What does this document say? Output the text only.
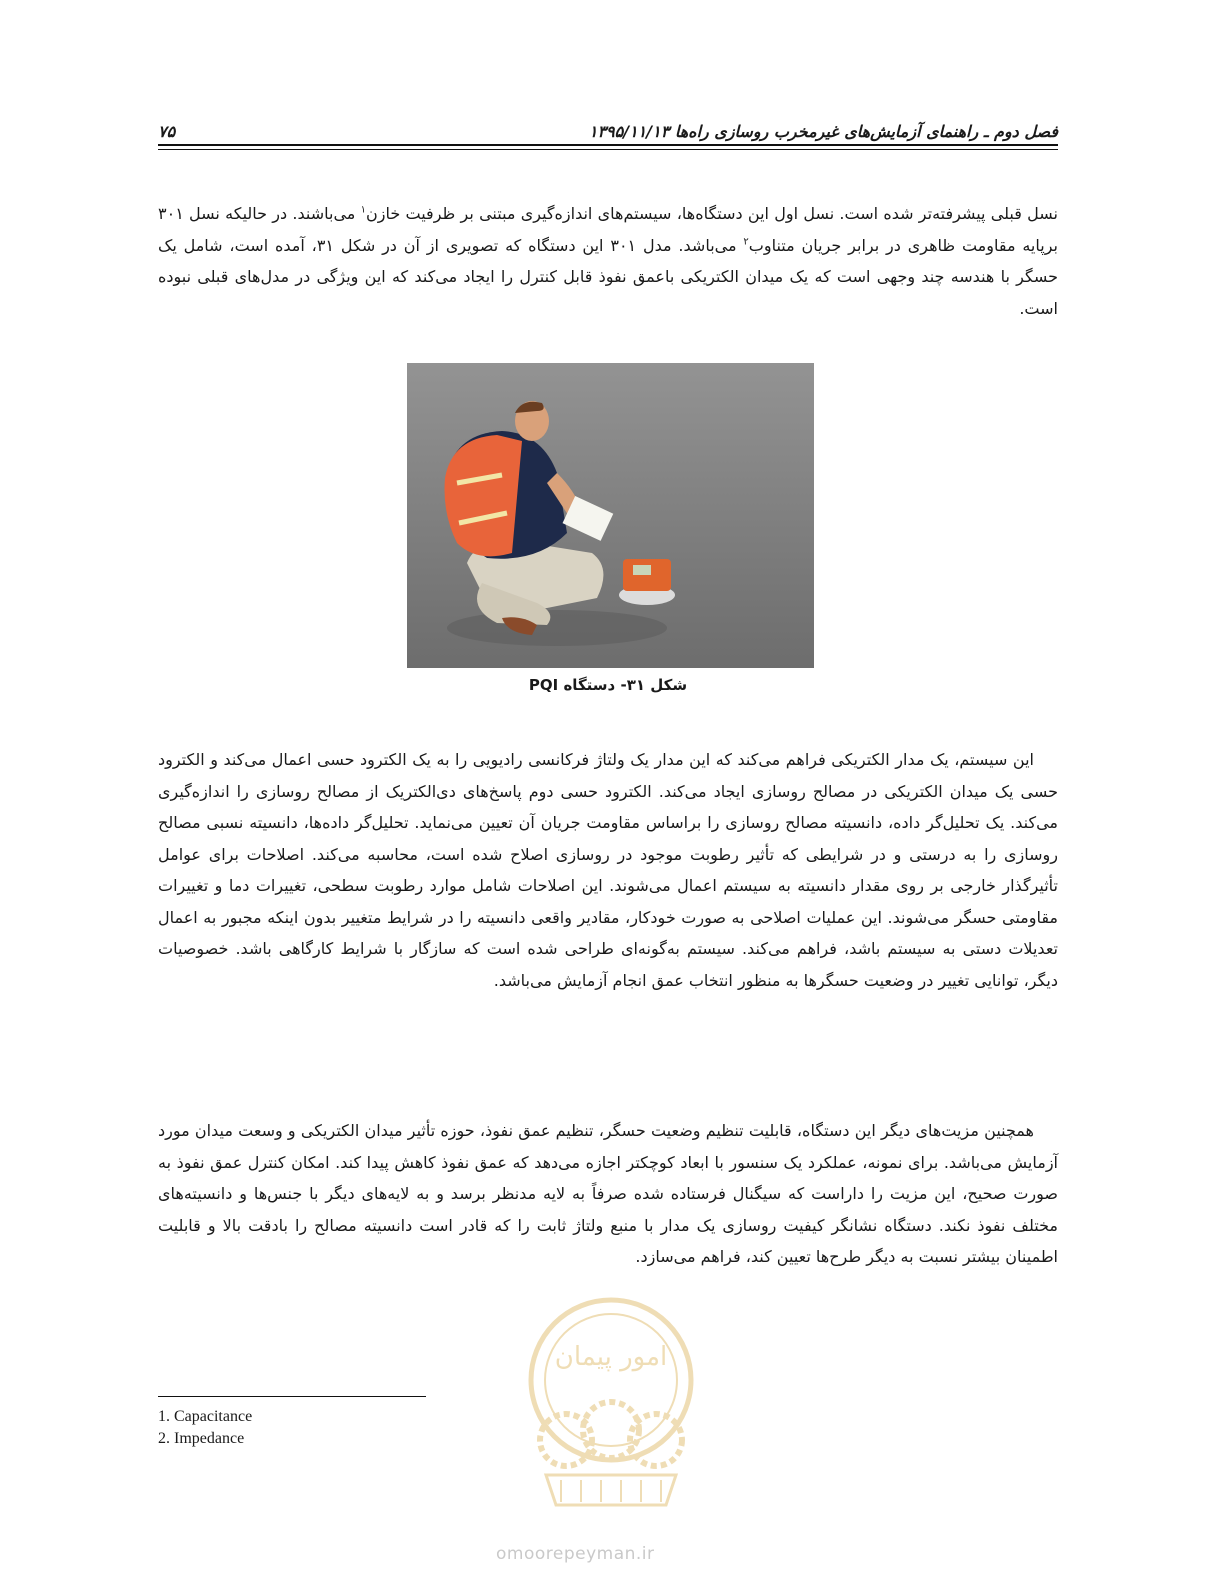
فصل دوم ـ راهنمای آزمایش‌های غیرمخرب روسازی راه‌ها ۱۳۹۵/۱۱/۱۳
۷۵

نسل قبلی پیشرفته‌تر شده است. نسل اول این دستگاه‌ها، سیستم‌های اندازه‌گیری مبتنی بر ظرفیت خازن$^۱$ می‌باشند. در حالیکه نسل ۳۰۱ برپایه مقاومت ظاهری در برابر جریان متناوب$^۲$ می‌باشد. مدل ۳۰۱ این دستگاه که تصویری از آن در شکل ۳۱، آمده است، شامل یک حسگر با هندسه چند وجهی است که یک میدان الکتریکی باعمق نفوذ قابل کنترل را ایجاد می‌کند که این ویژگی در مدل‌های قبلی نبوده است.

شکل ۳۱- دستگاه PQI

این سیستم، یک مدار الکتریکی فراهم می‌کند که این مدار یک ولتاژ فرکانسی رادیویی را به یک الکترود حسی اعمال می‌کند و الکترود حسی یک میدان الکتریکی در مصالح روسازی ایجاد می‌کند. الکترود حسی دوم پاسخ‌های دی‌الکتریک از مصالح روسازی را اندازه‌گیری می‌کند. یک تحلیل‌گر داده، دانسیته مصالح روسازی را براساس مقاومت جریان آن تعیین می‌نماید. تحلیل‌گر داده‌ها، دانسیته نسبی مصالح روسازی را به درستی و در شرایطی که تأثیر رطوبت موجود در روسازی اصلاح شده است، محاسبه می‌کند. اصلاحات برای عوامل تأثیرگذار خارجی بر روی مقدار دانسیته به سیستم اعمال می‌شوند. این اصلاحات شامل موارد رطوبت سطحی، تغییرات دما و تغییرات مقاومتی حسگر می‌شوند. این عملیات اصلاحی به صورت خودکار، مقادیر واقعی دانسیته را در شرایط متغییر بدون اینکه مجبور به اعمال تعدیلات دستی به سیستم باشد، فراهم می‌کند. سیستم به‌گونه‌ای طراحی شده است که سازگار با شرایط کارگاهی باشد. خصوصیات دیگر، توانایی تغییر در وضعیت حسگرها به منظور انتخاب عمق انجام آزمایش می‌باشد.

همچنین مزیت‌های دیگر این دستگاه، قابلیت تنظیم وضعیت حسگر، تنظیم عمق نفوذ، حوزه تأثیر میدان الکتریکی و وسعت میدان مورد آزمایش می‌باشد. برای نمونه، عملکرد یک سنسور با ابعاد کوچکتر اجازه می‌دهد که عمق نفوذ کاهش پیدا کند. امکان کنترل عمق نفوذ به صورت صحیح، این مزیت را داراست که سیگنال فرستاده شده صرفاً به لایه مدنظر برسد و به لایه‌های دیگر با جنس‌ها و دانسیته‌های مختلف نفوذ نکند. دستگاه نشانگر کیفیت روسازی یک مدار با منبع ولتاژ ثابت را که قادر است دانسیته مصالح را بادقت بالا و قابلیت اطمینان بیشتر نسبت به دیگر طرح‌ها تعیین کند، فراهم می‌سازد.

امور پیمان
omoorepeyman.ir
1. Capacitance
2. Impedance
